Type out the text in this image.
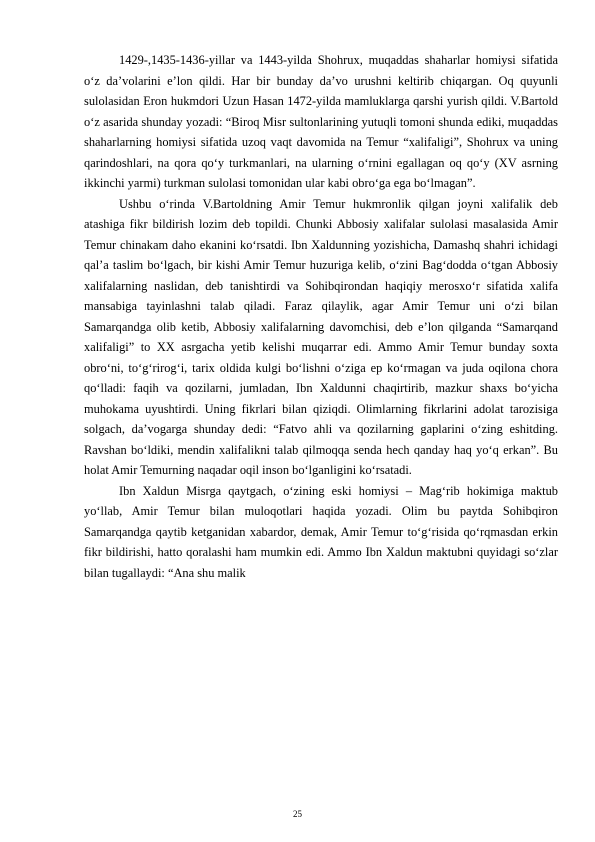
1429-,1435-1436-yillar va 1443-yilda Shohrux, muqaddas shaharlar homiysi sifatida o‘z da’volarini e’lon qildi. Har bir bunday da’vo urushni keltirib chiqargan. Oq quyunli sulolasidan Eron hukmdori Uzun Hasan 1472-yilda mamluklarga qarshi yurish qildi. V.Bartold o‘z asarida shunday yozadi: “Biroq Misr sultonlarining yutuqli tomoni shunda ediki, muqaddas shaharlarning homiysi sifatida uzoq vaqt davomida na Temur “xalifaligi”, Shohrux va uning qarindoshlari, na qora qo‘y turkmanlari, na ularning o‘rnini egallagan oq qo‘y (XV asrning ikkinchi yarmi) turkman sulolasi tomonidan ular kabi obro‘ga ega bo‘lmagan”.

Ushbu o‘rinda V.Bartoldning Amir Temur hukmronlik qilgan joyni xalifalik deb atashiga fikr bildirish lozim deb topildi. Chunki Abbosiy xalifalar sulolasi masalasida Amir Temur chinakam daho ekanini ko‘rsatdi. Ibn Xaldunning yozishicha, Damashq shahri ichidagi qal’a taslim bo‘lgach, bir kishi Amir Temur huzuriga kelib, o‘zini Bag‘dodda o‘tgan Abbosiy xalifalarning naslidan, deb tanishtirdi va Sohibqirondan haqiqiy merosxo‘r sifatida xalifa mansabiga tayinlashni talab qiladi. Faraz qilaylik, agar Amir Temur uni o‘zi bilan Samarqandga olib ketib, Abbosiy xalifalarning davomchisi, deb e’lon qilganda “Samarqand xalifaligi” to XX asrgacha yetib kelishi muqarrar edi. Ammo Amir Temur bunday soxta obro‘ni, to‘g‘rirog‘i, tarix oldida kulgi bo‘lishni o‘ziga ep ko‘rmagan va juda oqilona chora qo‘lladi: faqih va qozilarni, jumladan, Ibn Xaldunni chaqirtirib, mazkur shaxs bo‘yicha muhokama uyushtirdi. Uning fikrlari bilan qiziqdi. Olimlarning fikrlarini adolat tarozisiga solgach, da’vogarga shunday dedi: “Fatvo ahli va qozilarning gaplarini o‘zing eshitding. Ravshan bo‘ldiki, mendin xalifalikni talab qilmoqqa senda hech qanday haq yo‘q erkan”. Bu holat Amir Temurning naqadar oqil inson bo‘lganligini ko‘rsatadi.

Ibn Xaldun Misrga qaytgach, o‘zining eski homiysi – Mag‘rib hokimiga maktub yo‘llab, Amir Temur bilan muloqotlari haqida yozadi. Olim bu paytda Sohibqiron Samarqandga qaytib ketganidan xabardor, demak, Amir Temur to‘g‘risida qo‘rqmasdan erkin fikr bildirishi, hatto qoralashi ham mumkin edi. Ammo Ibn Xaldun maktubni quyidagi so‘zlar bilan tugallaydi: “Ana shu malik

25
